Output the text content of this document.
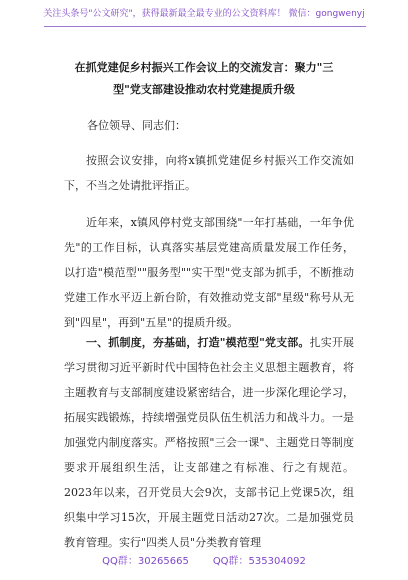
关注头条号"公文研究"，获得最新最全最专业的公文资料库！ 微信：gongwenyj
在抓党建促乡村振兴工作会议上的交流发言：聚力"三型"党支部建设推动农村党建提质升级
各位领导、同志们：

按照会议安排，向将x镇抓党建促乡村振兴工作交流如下，不当之处请批评指正。

近年来，x镇风停村党支部围绕"一年打基础，一年争优先"的工作目标，认真落实基层党建高质量发展工作任务，以打造"模范型""服务型""实干型"党支部为抓手，不断推动党建工作水平迈上新台阶，有效推动党支部"星级"称号从无到"四星"，再到"五星"的提质升级。

一、抓制度，夯基础，打造"模范型"党支部。扎实开展学习贯彻习近平新时代中国特色社会主义思想主题教育，将主题教育与支部制度建设紧密结合，进一步深化理论学习，拓展实践锻炼，持续增强党员队伍生机活力和战斗力。一是加强党内制度落实。严格按照"三会一课"、主题党日等制度要求开展组织生活，让支部建之有标准、行之有规范。2023年以来，召开党员大会9次，支部书记上党课5次，组织集中学习15次，开展主题党日活动27次。二是加强党员教育管理。实行"四类人员"分类教育管理

QQ群：30265665 QQ群：535304092
